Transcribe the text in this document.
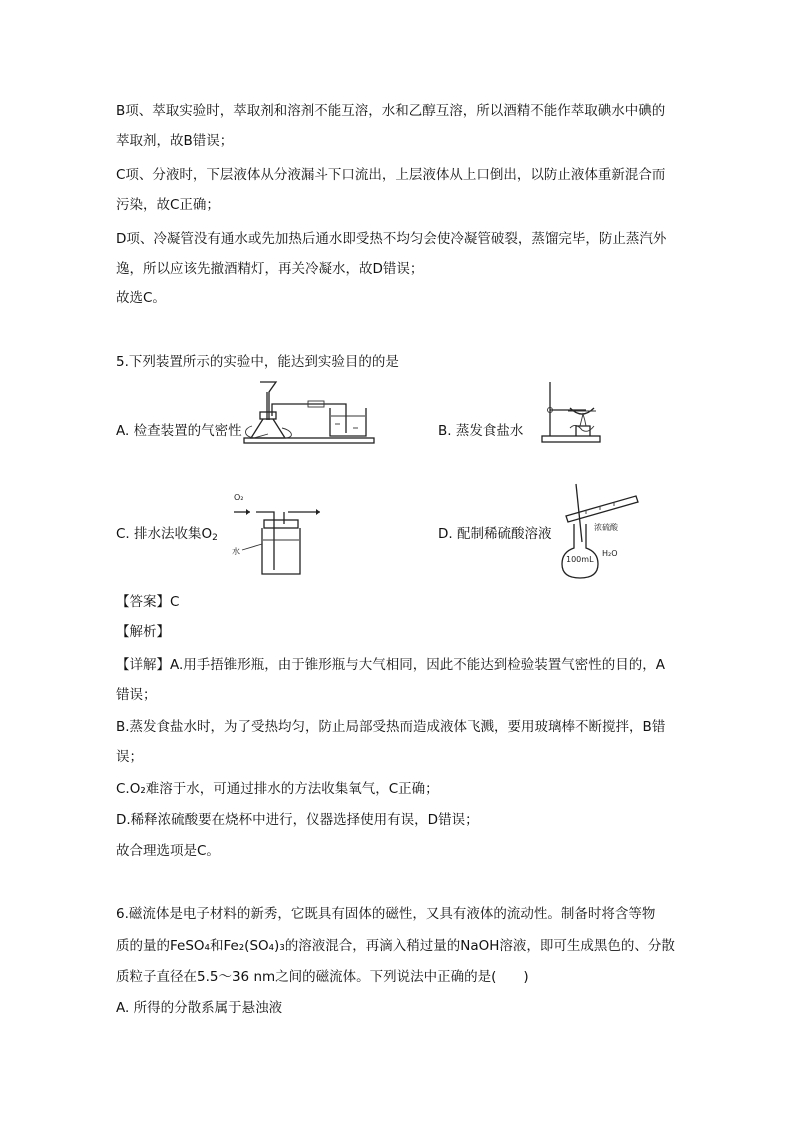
B项、萃取实验时，萃取剂和溶剂不能互溶，水和乙醇互溶，所以酒精不能作萃取碘水中碘的
萃取剂，故B错误；
C项、分液时，下层液体从分液漏斗下口流出，上层液体从上口倒出，以防止液体重新混合而
污染，故C正确；
D项、冷凝管没有通水或先加热后通水即受热不均匀会使冷凝管破裂，蒸馏完毕，防止蒸汽外
逸，所以应该先撤酒精灯，再关冷凝水，故D错误；
故选C。
5.下列装置所示的实验中，能达到实验目的的是
A. 检查装置的气密性	B. 蒸发食盐水
C. 排水法收集$O_2$	D. 配制稀硫酸溶液
O₂
水
浓硫酸
100mL
H₂O
【答案】C
【解析】
【详解】A.用手捂锥形瓶，由于锥形瓶与大气相同，因此不能达到检验装置气密性的目的，A
错误；
B.蒸发食盐水时，为了受热均匀，防止局部受热而造成液体飞溅，要用玻璃棒不断搅拌，B错
误；
C.O₂难溶于水，可通过排水的方法收集氧气，C正确；
D.稀释浓硫酸要在烧杯中进行，仪器选择使用有误，D错误；
故合理选项是C。
6.磁流体是电子材料的新秀，它既具有固体的磁性，又具有液体的流动性。制备时将含等物
质的量的FeSO₄和Fe₂(SO₄)₃的溶液混合，再滴入稍过量的NaOH溶液，即可生成黑色的、分散
质粒子直径在5.5～36 nm之间的磁流体。下列说法中正确的是(　　)
A. 所得的分散系属于悬浊液
